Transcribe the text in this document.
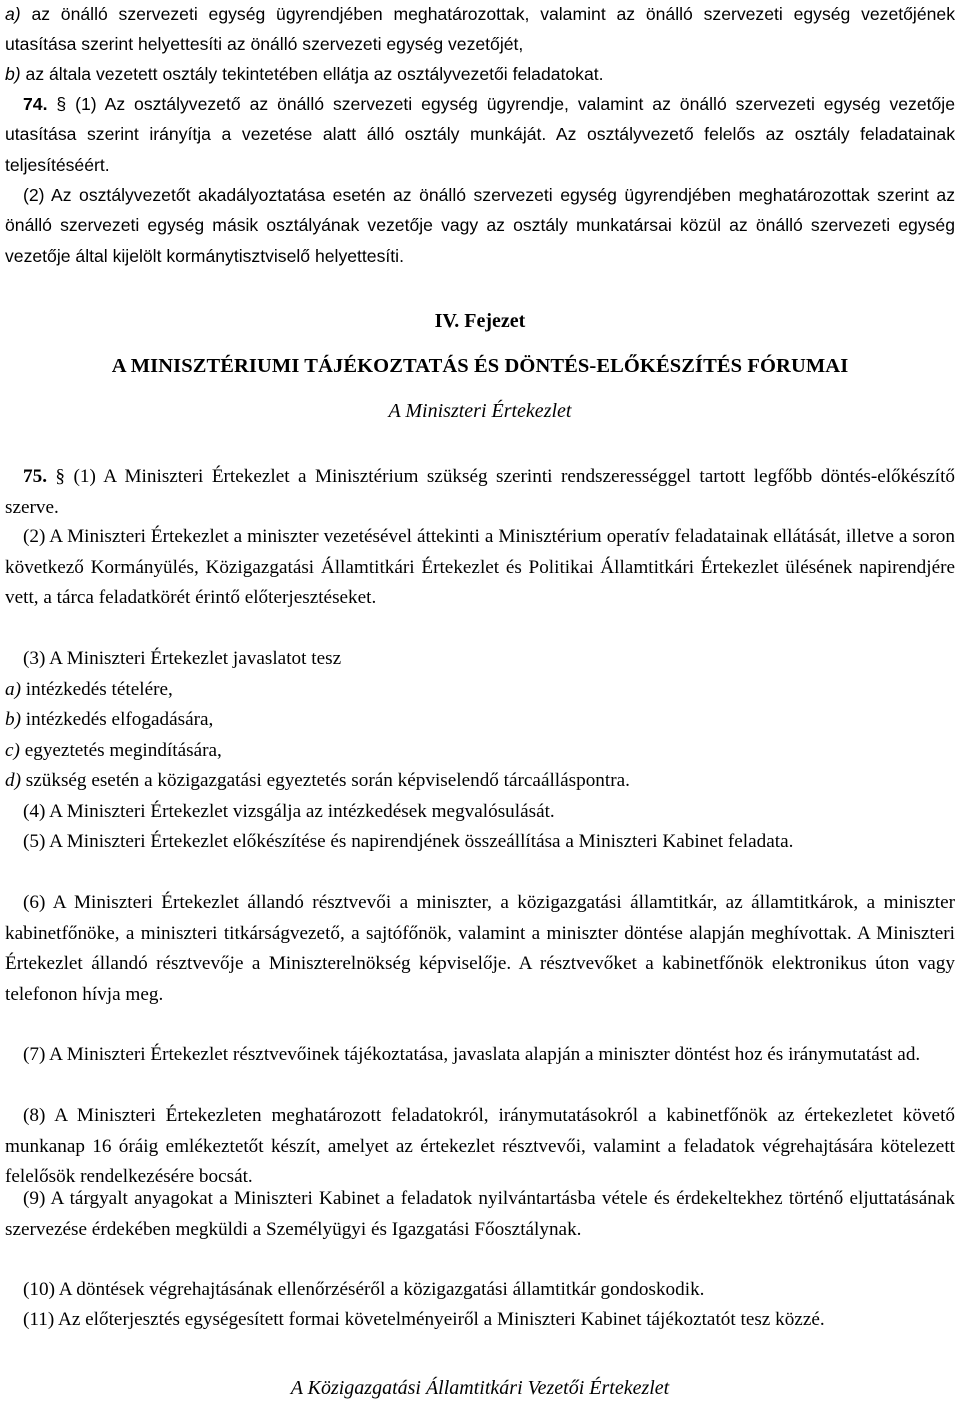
a) az önálló szervezeti egység ügyrendjében meghatározottak, valamint az önálló szervezeti egység vezetőjének utasítása szerint helyettesíti az önálló szervezeti egység vezetőjét,

b) az általa vezetett osztály tekintetében ellátja az osztályvezetői feladatokat.

74. § (1) Az osztályvezető az önálló szervezeti egység ügyrendje, valamint az önálló szervezeti egység vezetője utasítása szerint irányítja a vezetése alatt álló osztály munkáját. Az osztályvezető felelős az osztály feladatainak teljesítéséért.

(2) Az osztályvezetőt akadályoztatása esetén az önálló szervezeti egység ügyrendjében meghatározottak szerint az önálló szervezeti egység másik osztályának vezetője vagy az osztály munkatársai közül az önálló szervezeti egység vezetője által kijelölt kormánytisztviselő helyettesíti.

IV. Fejezet

A MINISZTÉRIUMI TÁJÉKOZTATÁS ÉS DÖNTÉS-ELŐKÉSZÍTÉS FÓRUMAI

A Miniszteri Értekezlet

75. § (1) A Miniszteri Értekezlet a Minisztérium szükség szerinti rendszerességgel tartott legfőbb döntés-előkészítő szerve.

(2) A Miniszteri Értekezlet a miniszter vezetésével áttekinti a Minisztérium operatív feladatainak ellátását, illetve a soron következő Kormányülés, Közigazgatási Államtitkári Értekezlet és Politikai Államtitkári Értekezlet ülésének napirendjére vett, a tárca feladatkörét érintő előterjesztéseket.

(3) A Miniszteri Értekezlet javaslatot tesz

a) intézkedés tételére,

b) intézkedés elfogadására,

c) egyeztetés megindítására,

d) szükség esetén a közigazgatási egyeztetés során képviselendő tárcaálláspontra.

(4) A Miniszteri Értekezlet vizsgálja az intézkedések megvalósulását.

(5) A Miniszteri Értekezlet előkészítése és napirendjének összeállítása a Miniszteri Kabinet feladata.

(6) A Miniszteri Értekezlet állandó résztvevői a miniszter, a közigazgatási államtitkár, az államtitkárok, a miniszter kabinetfőnöke, a miniszteri titkárságvezető, a sajtófőnök, valamint a miniszter döntése alapján meghívottak. A Miniszteri Értekezlet állandó résztvevője a Miniszterelnökség képviselője. A résztvevőket a kabinetfőnök elektronikus úton vagy telefonon hívja meg.

(7) A Miniszteri Értekezlet résztvevőinek tájékoztatása, javaslata alapján a miniszter döntést hoz és iránymutatást ad.

(8) A Miniszteri Értekezleten meghatározott feladatokról, iránymutatásokról a kabinetfőnök az értekezletet követő munkanap 16 óráig emlékeztetőt készít, amelyet az értekezlet résztvevői, valamint a feladatok végrehajtására kötelezett felelősök rendelkezésére bocsát.

(9) A tárgyalt anyagokat a Miniszteri Kabinet a feladatok nyilvántartásba vétele és érdekeltekhez történő eljuttatásának szervezése érdekében megküldi a Személyügyi és Igazgatási Főosztálynak.

(10) A döntések végrehajtásának ellenőrzéséről a közigazgatási államtitkár gondoskodik.

(11) Az előterjesztés egységesített formai követelményeiről a Miniszteri Kabinet tájékoztatót tesz közzé.

A Közigazgatási Államtitkári Vezetői Értekezlet
